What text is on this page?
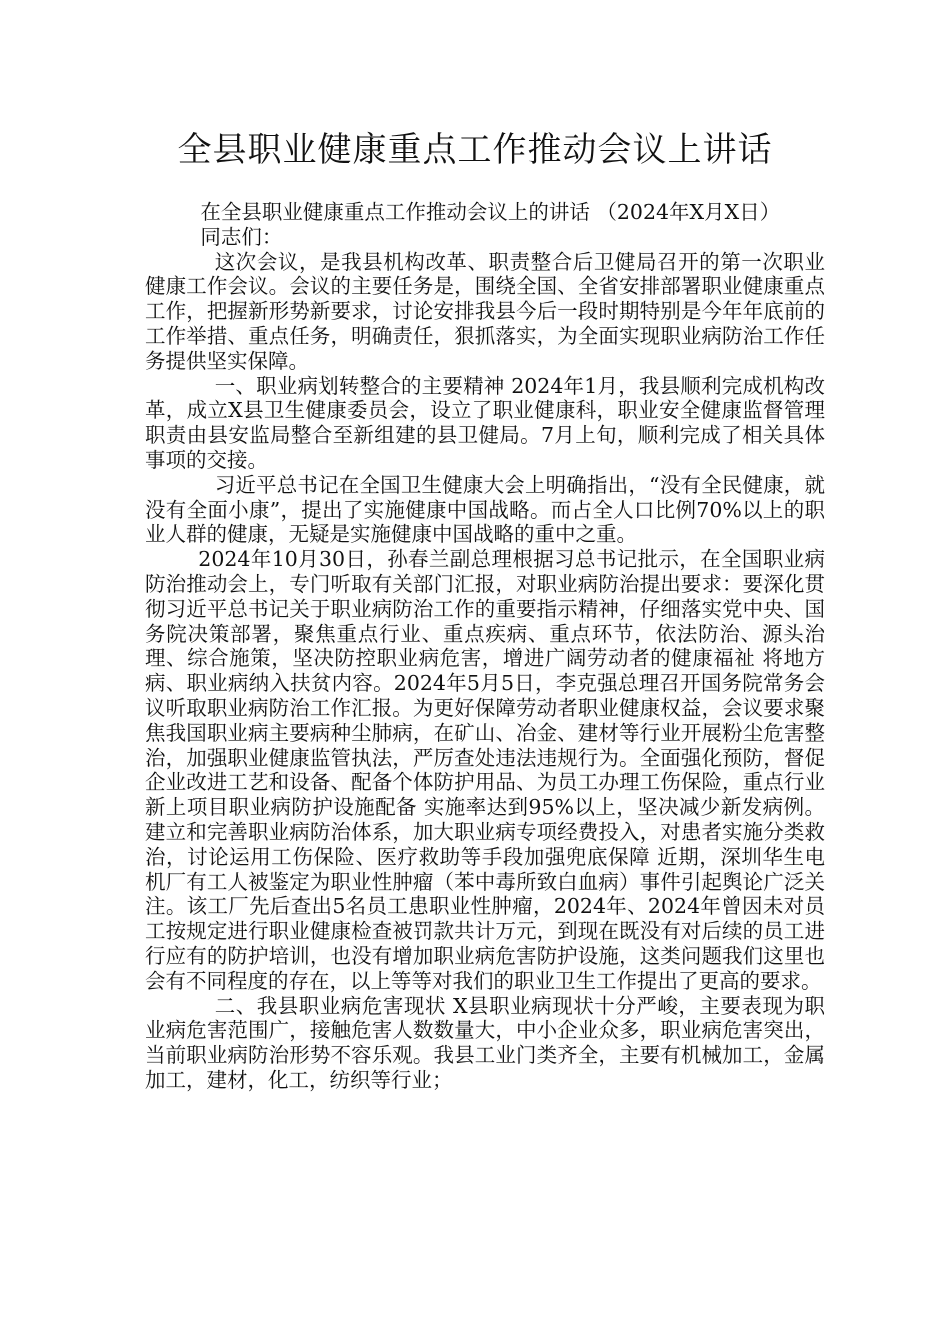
全县职业健康重点工作推动会议上讲话

在全县职业健康重点工作推动会议上的讲话 （2024年X月X日）

同志们：

这次会议，是我县机构改革、职责整合后卫健局召开的第一次职业健康工作会议。会议的主要任务是，围绕全国、全省安排部署职业健康重点工作，把握新形势新要求，讨论安排我县今后一段时期特别是今年年底前的工作举措、重点任务，明确责任，狠抓落实，为全面实现职业病防治工作任务提供坚实保障。

一、职业病划转整合的主要精神 2024年1月，我县顺利完成机构改革，成立X县卫生健康委员会，设立了职业健康科，职业安全健康监督管理职责由县安监局整合至新组建的县卫健局。7月上旬，顺利完成了相关具体事项的交接。

习近平总书记在全国卫生健康大会上明确指出，“没有全民健康，就没有全面小康”，提出了实施健康中国战略。而占全人口比例70%以上的职业人群的健康，无疑是实施健康中国战略的重中之重。

2024年10月30日，孙春兰副总理根据习总书记批示，在全国职业病防治推动会上，专门听取有关部门汇报，对职业病防治提出要求：要深化贯彻习近平总书记关于职业病防治工作的重要指示精神，仔细落实党中央、国务院决策部署，聚焦重点行业、重点疾病、重点环节，依法防治、源头治理、综合施策，坚决防控职业病危害，增进广阔劳动者的健康福祉 将地方病、职业病纳入扶贫内容。2024年5月5日，李克强总理召开国务院常务会议听取职业病防治工作汇报。为更好保障劳动者职业健康权益，会议要求聚焦我国职业病主要病种尘肺病，在矿山、冶金、建材等行业开展粉尘危害整治，加强职业健康监管执法，严厉查处违法违规行为。全面强化预防，督促企业改进工艺和设备、配备个体防护用品、为员工办理工伤保险，重点行业新上项目职业病防护设施配备 实施率达到95%以上，坚决减少新发病例。建立和完善职业病防治体系，加大职业病专项经费投入，对患者实施分类救治，讨论运用工伤保险、医疗救助等手段加强兜底保障 近期，深圳华生电机厂有工人被鉴定为职业性肿瘤（苯中毒所致白血病）事件引起舆论广泛关注。该工厂先后查出5名员工患职业性肿瘤，2024年、2024年曾因未对员工按规定进行职业健康检查被罚款共计万元，到现在既没有对后续的员工进行应有的防护培训，也没有增加职业病危害防护设施，这类问题我们这里也会有不同程度的存在，以上等等对我们的职业卫生工作提出了更高的要求。

二、我县职业病危害现状 X县职业病现状十分严峻，主要表现为职业病危害范围广，接触危害人数数量大，中小企业众多，职业病危害突出，当前职业病防治形势不容乐观。我县工业门类齐全，主要有机械加工，金属加工，建材，化工，纺织等行业；
